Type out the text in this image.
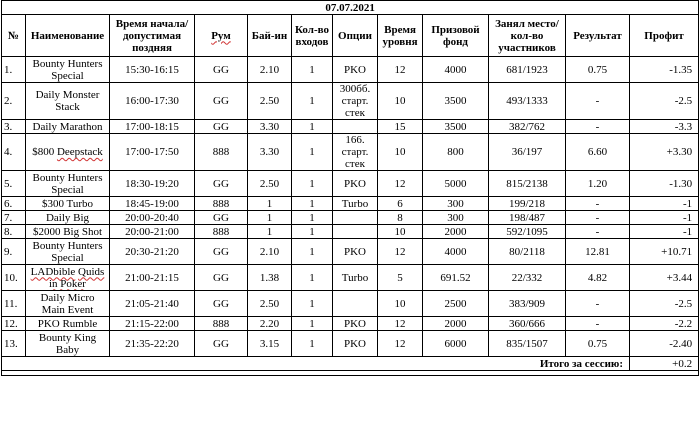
07.07.2021											
№	Наименование	Время начала/ допустимая поздняя	Рум	Бай-ин	Кол-во входов	Опции	Время уровня	Призовой фонд	Занял место/кол-во участников	Результат	Профит
1.	Bounty Hunters Special	15:30-16:15	GG	2.10	1	PKO	12	4000	681/1923	0.75	-1.35
2.	Daily Monster Stack	16:00-17:30	GG	2.50	1	300бб. старт. стек	10	3500	493/1333	-	-2.5
3.	Daily Marathon	17:00-18:15	GG	3.30	1		15	3500	382/762	-	-3.3
4.	$800 Deepstack	17:00-17:50	888	3.30	1	166. старт. стек	10	800	36/197	6.60	+3.30
5.	Bounty Hunters Special	18:30-19:20	GG	2.50	1	PKO	12	5000	815/2138	1.20	-1.30
6.	$300 Turbo	18:45-19:00	888	1	1	Turbo	6	300	199/218	-	-1
7.	Daily Big	20:00-20:40	GG	1	1		8	300	198/487	-	-1
8.	$2000 Big Shot	20:00-21:00	888	1	1		10	2000	592/1095	-	-1
9.	Bounty Hunters Special	20:30-21:20	GG	2.10	1	PKO	12	4000	80/2118	12.81	+10.71
10.	LADbible Quids in Poker	21:00-21:15	GG	1.38	1	Turbo	5	691.52	22/332	4.82	+3.44
11.	Daily Micro Main Event	21:05-21:40	GG	2.50	1		10	2500	383/909	-	-2.5
12.	PKO Rumble	21:15-22:00	888	2.20	1	PKO	12	2000	360/666	-	-2.2
13.	Bounty King Baby	21:35-22:20	GG	3.15	1	PKO	12	6000	835/1507	0.75	-2.40
Итого за сессию:											+0.2
